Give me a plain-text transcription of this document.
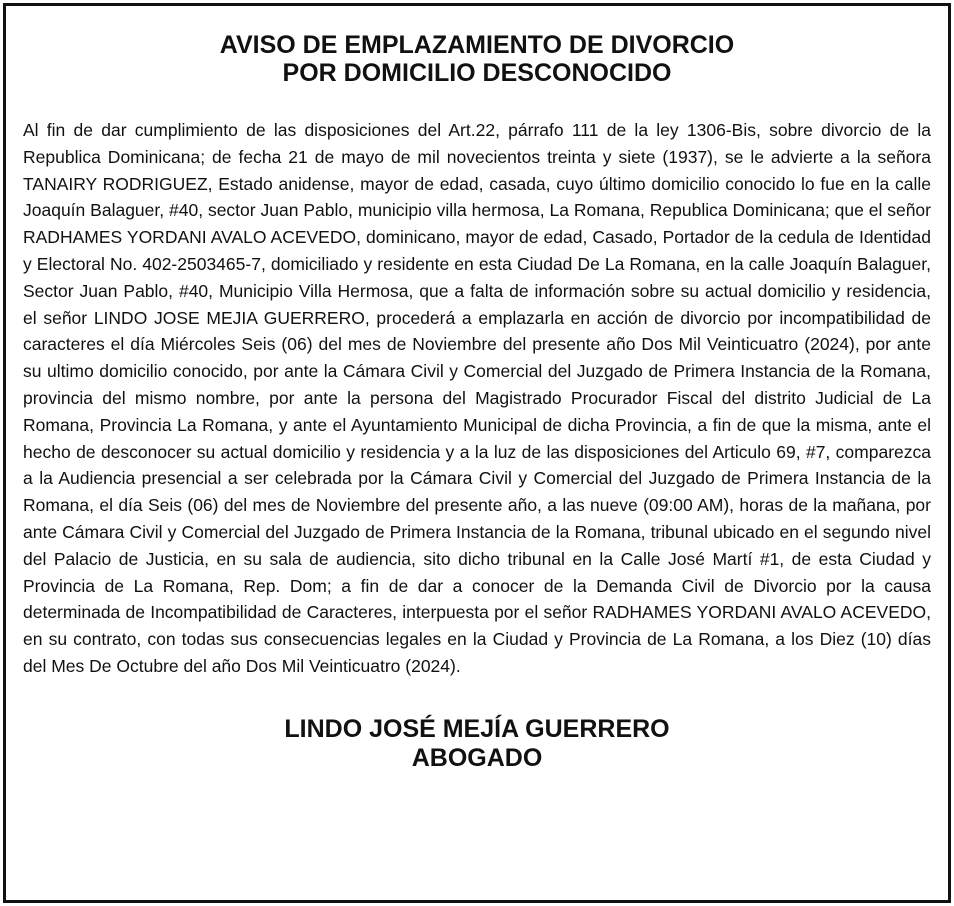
AVISO DE EMPLAZAMIENTO DE DIVORCIO
POR DOMICILIO DESCONOCIDO
Al fin de dar cumplimiento de las disposiciones del Art.22, párrafo 111 de la ley 1306-Bis, sobre divorcio de la Republica Dominicana; de fecha 21 de mayo de mil novecientos treinta y siete (1937), se le advierte a la señora TANAIRY RODRIGUEZ, Estado anidense, mayor de edad, casada, cuyo último domicilio conocido lo fue en la calle Joaquín Balaguer, #40, sector Juan Pablo, municipio villa hermosa, La Romana, Republica Dominicana; que el señor RADHAMES YORDANI AVALO ACEVEDO, dominicano, mayor de edad, Casado, Portador de la cedula de Identidad y Electoral No. 402-2503465-7, domiciliado y residente en esta Ciudad De La Romana, en la calle Joaquín Balaguer, Sector Juan Pablo, #40, Municipio Villa Hermosa, que a falta de información sobre su actual domicilio y residencia, el señor LINDO JOSE MEJIA GUERRERO, procederá a emplazarla en acción de divorcio por incompatibilidad de caracteres el día Miércoles Seis (06) del mes de Noviembre del presente año Dos Mil Veinticuatro (2024), por ante su ultimo domicilio conocido, por ante la Cámara Civil y Comercial del Juzgado de Primera Instancia de la Romana, provincia del mismo nombre, por ante la persona del Magistrado Procurador Fiscal del distrito Judicial de La Romana, Provincia La Romana, y ante el Ayuntamiento Municipal de dicha Provincia, a fin de que la misma, ante el hecho de desconocer su actual domicilio y residencia y a la luz de las disposiciones del Articulo 69, #7, comparezca a la Audiencia presencial a ser celebrada por la Cámara Civil y Comercial del Juzgado de Primera Instancia de la Romana, el día Seis (06) del mes de Noviembre del presente año, a las nueve (09:00 AM), horas de la mañana, por ante Cámara Civil y Comercial del Juzgado de Primera Instancia de la Romana, tribunal ubicado en el segundo nivel del Palacio de Justicia, en su sala de audiencia, sito dicho tribunal en la Calle José Martí #1, de esta Ciudad y Provincia de La Romana, Rep. Dom; a fin de dar a conocer de la Demanda Civil de Divorcio por la causa determinada de Incompatibilidad de Caracteres, interpuesta por el señor RADHAMES YORDANI AVALO ACEVEDO, en su contrato, con todas sus consecuencias legales en la Ciudad y Provincia de La Romana, a los Diez (10) días del Mes De Octubre del año Dos Mil Veinticuatro (2024).
LINDO JOSÉ MEJÍA GUERRERO
ABOGADO
